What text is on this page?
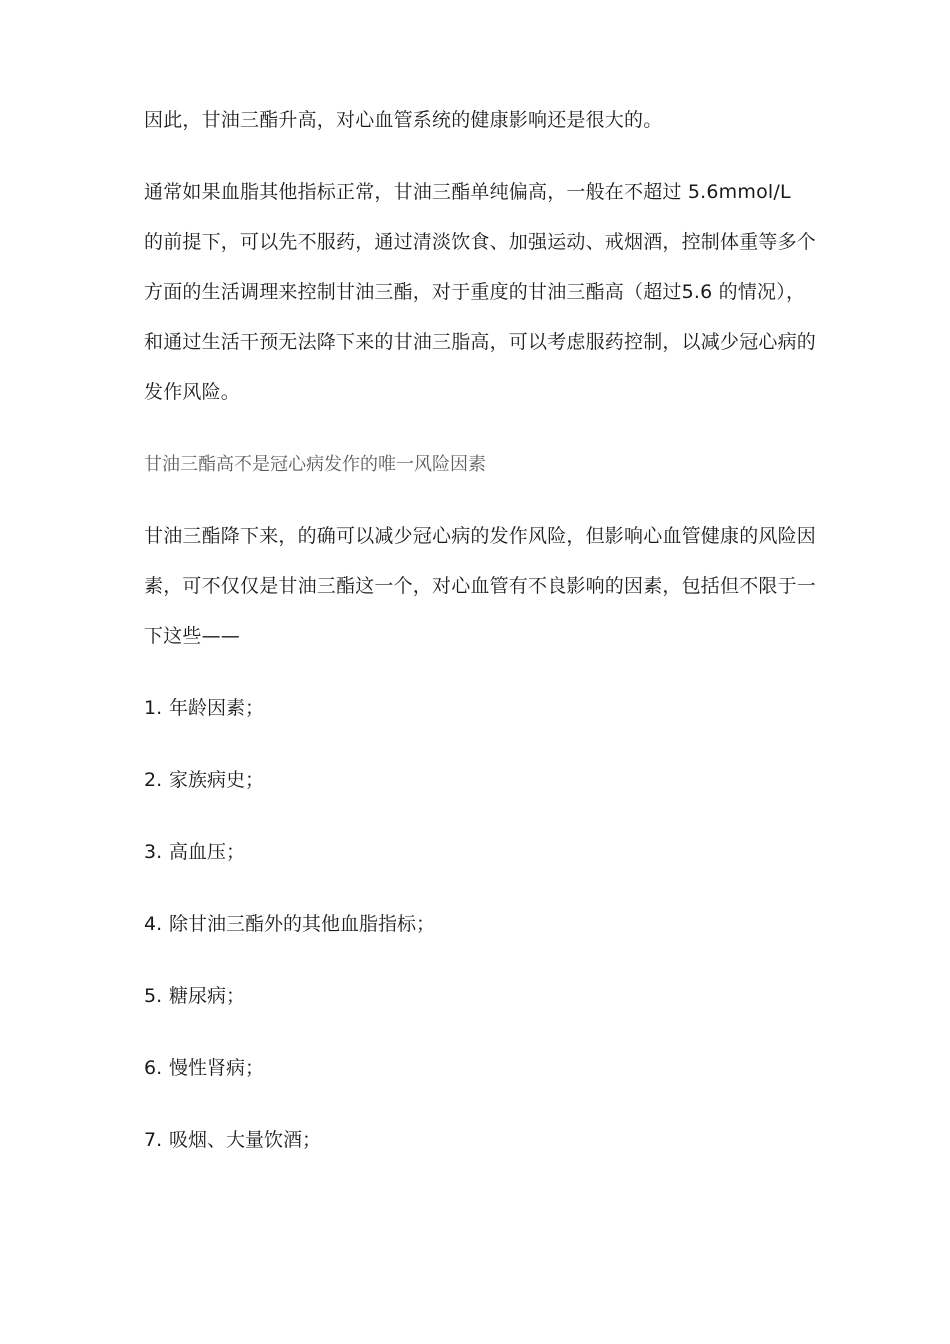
因此，甘油三酯升高，对心血管系统的健康影响还是很大的。

通常如果血脂其他指标正常，甘油三酯单纯偏高，一般在不超过 5.6mmol/L 的前提下，可以先不服药，通过清淡饮食、加强运动、戒烟酒，控制体重等多个方面的生活调理来控制甘油三酯，对于重度的甘油三酯高（超过5.6 的情况），和通过生活干预无法降下来的甘油三脂高，可以考虑服药控制，以减少冠心病的发作风险。

甘油三酯高不是冠心病发作的唯一风险因素

甘油三酯降下来，的确可以减少冠心病的发作风险，但影响心血管健康的风险因素，可不仅仅是甘油三酯这一个，对心血管有不良影响的因素，包括但不限于一下这些——

1. 年龄因素；
2. 家族病史；
3. 高血压；
4. 除甘油三酯外的其他血脂指标；
5. 糖尿病；
6. 慢性肾病；
7. 吸烟、大量饮酒；
